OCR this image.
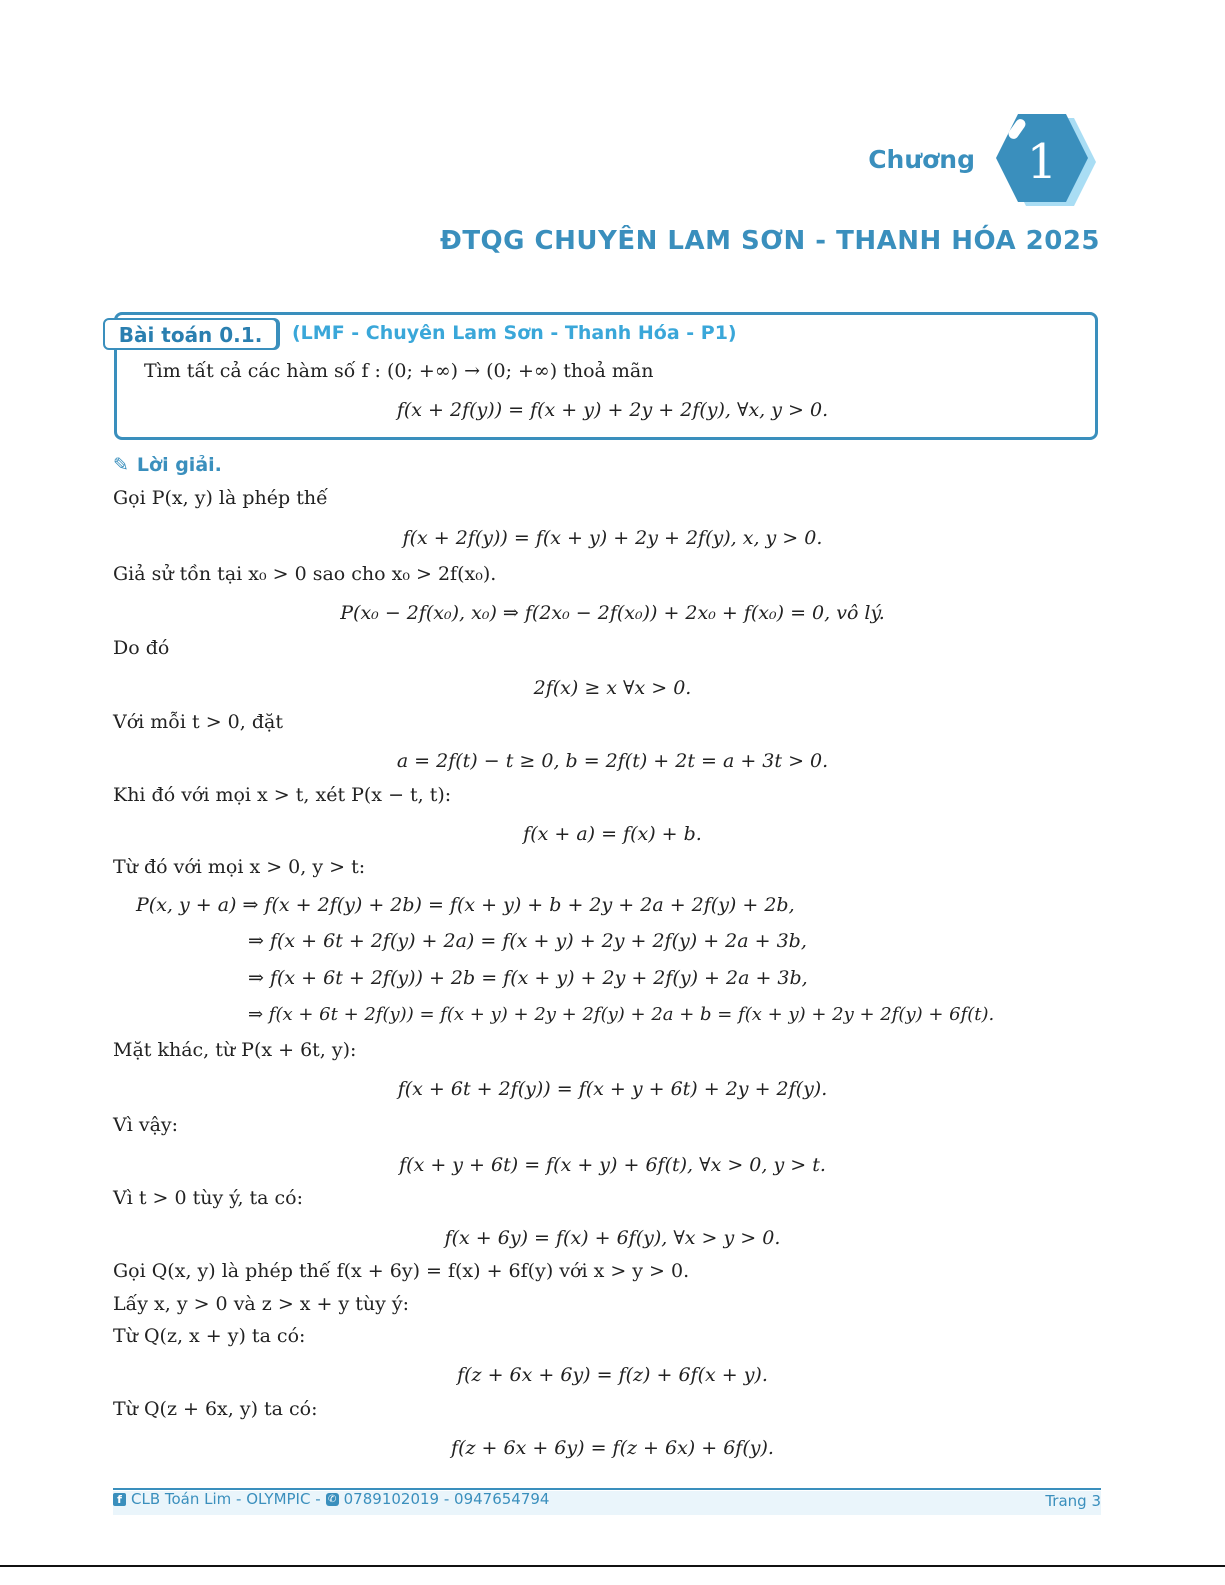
Chương 1
ĐTQG CHUYÊN LAM SƠN - THANH HÓA 2025
Bài toán 0.1.	(LMF - Chuyên Lam Sơn - Thanh Hóa - P1)
Tìm tất cả các hàm số f : (0; +∞) → (0; +∞) thoả mãn
f(x + 2f(y)) = f(x + y) + 2y + 2f(y), ∀x, y > 0.
✎ Lời giải.
Gọi P(x, y) là phép thế
f(x + 2f(y)) = f(x + y) + 2y + 2f(y), x, y > 0.
Giả sử tồn tại x₀ > 0 sao cho x₀ > 2f(x₀).
P(x₀ − 2f(x₀), x₀) ⇒ f(2x₀ − 2f(x₀)) + 2x₀ + f(x₀) = 0, vô lý.
Do đó
2f(x) ≥ x ∀x > 0.
Với mỗi t > 0, đặt
a = 2f(t) − t ≥ 0, b = 2f(t) + 2t = a + 3t > 0.
Khi đó với mọi x > t, xét P(x − t, t):
f(x + a) = f(x) + b.
Từ đó với mọi x > 0, y > t:
P(x, y + a) ⇒ f(x + 2f(y) + 2b) = f(x + y) + b + 2y + 2a + 2f(y) + 2b,
⇒ f(x + 6t + 2f(y) + 2a) = f(x + y) + 2y + 2f(y) + 2a + 3b,
⇒ f(x + 6t + 2f(y)) + 2b = f(x + y) + 2y + 2f(y) + 2a + 3b,
⇒ f(x + 6t + 2f(y)) = f(x + y) + 2y + 2f(y) + 2a + b = f(x + y) + 2y + 2f(y) + 6f(t).
Mặt khác, từ P(x + 6t, y):
f(x + 6t + 2f(y)) = f(x + y + 6t) + 2y + 2f(y).
Vì vậy:
f(x + y + 6t) = f(x + y) + 6f(t), ∀x > 0, y > t.
Vì t > 0 tùy ý, ta có:
f(x + 6y) = f(x) + 6f(y), ∀x > y > 0.
Gọi Q(x, y) là phép thế f(x + 6y) = f(x) + 6f(y) với x > y > 0.
Lấy x, y > 0 và z > x + y tùy ý:
Từ Q(z, x + y) ta có:
f(z + 6x + 6y) = f(z) + 6f(x + y).
Từ Q(z + 6x, y) ta có:
f(z + 6x + 6y) = f(z + 6x) + 6f(y).
f CLB Toán Lim - OLYMPIC - ✆ 0789102019 - 0947654794	Trang 3
